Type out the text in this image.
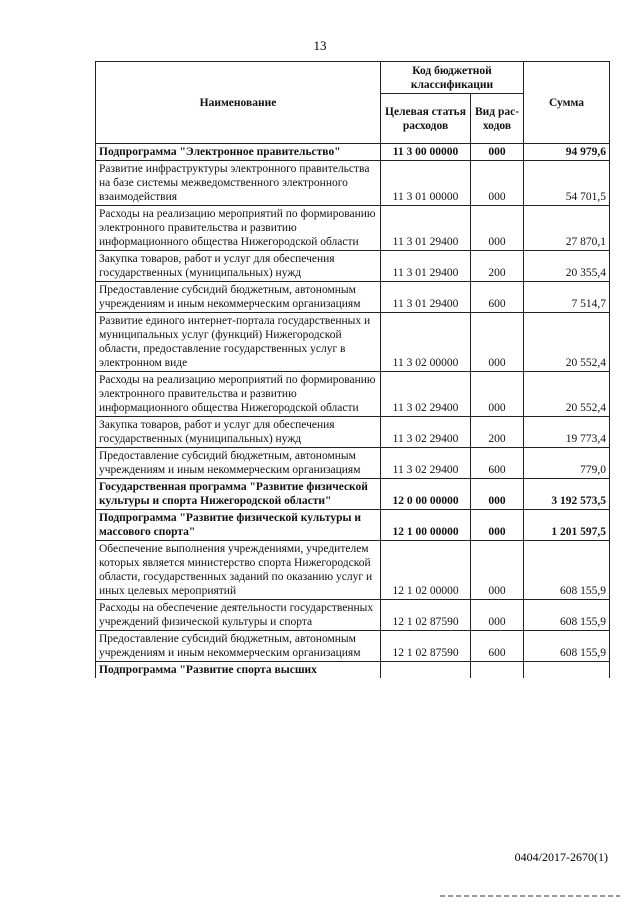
13
Наименование	Код бюджетной классификации		Сумма
	Целевая статья расходов	Вид рас-ходов	
Подпрограмма "Электронное правительство"	11 3 00 00000	000	94 979,6
Развитие инфраструктуры электронного правительства на базе системы межведомственного электронного взаимодействия	11 3 01 00000	000	54 701,5
Расходы на реализацию мероприятий по формированию электронного правительства и развитию информационного общества Нижегородской области	11 3 01 29400	000	27 870,1
Закупка товаров, работ и услуг для обеспечения государственных (муниципальных) нужд	11 3 01 29400	200	20 355,4
Предоставление субсидий бюджетным, автономным учреждениям и иным некоммерческим организациям	11 3 01 29400	600	7 514,7
Развитие единого интернет-портала государственных и муниципальных услуг (функций) Нижегородской области, предоставление государственных услуг в электронном виде	11 3 02 00000	000	20 552,4
Расходы на реализацию мероприятий по формированию электронного правительства и развитию информационного общества Нижегородской области	11 3 02 29400	000	20 552,4
Закупка товаров, работ и услуг для обеспечения государственных (муниципальных) нужд	11 3 02 29400	200	19 773,4
Предоставление субсидий бюджетным, автономным учреждениям и иным некоммерческим организациям	11 3 02 29400	600	779,0
Государственная программа "Развитие физической культуры и спорта Нижегородской области"	12 0 00 00000	000	3 192 573,5
Подпрограмма "Развитие физической культуры и массового спорта"	12 1 00 00000	000	1 201 597,5
Обеспечение выполнения учреждениями, учредителем которых является министерство спорта Нижегородской области, государственных заданий по оказанию услуг и иных целевых мероприятий	12 1 02 00000	000	608 155,9
Расходы на обеспечение деятельности государственных учреждений физической культуры и спорта	12 1 02 87590	000	608 155,9
Предоставление субсидий бюджетным, автономным учреждениям и иным некоммерческим организациям	12 1 02 87590	600	608 155,9
Подпрограмма "Развитие спорта высших			
0404/2017-2670(1)
